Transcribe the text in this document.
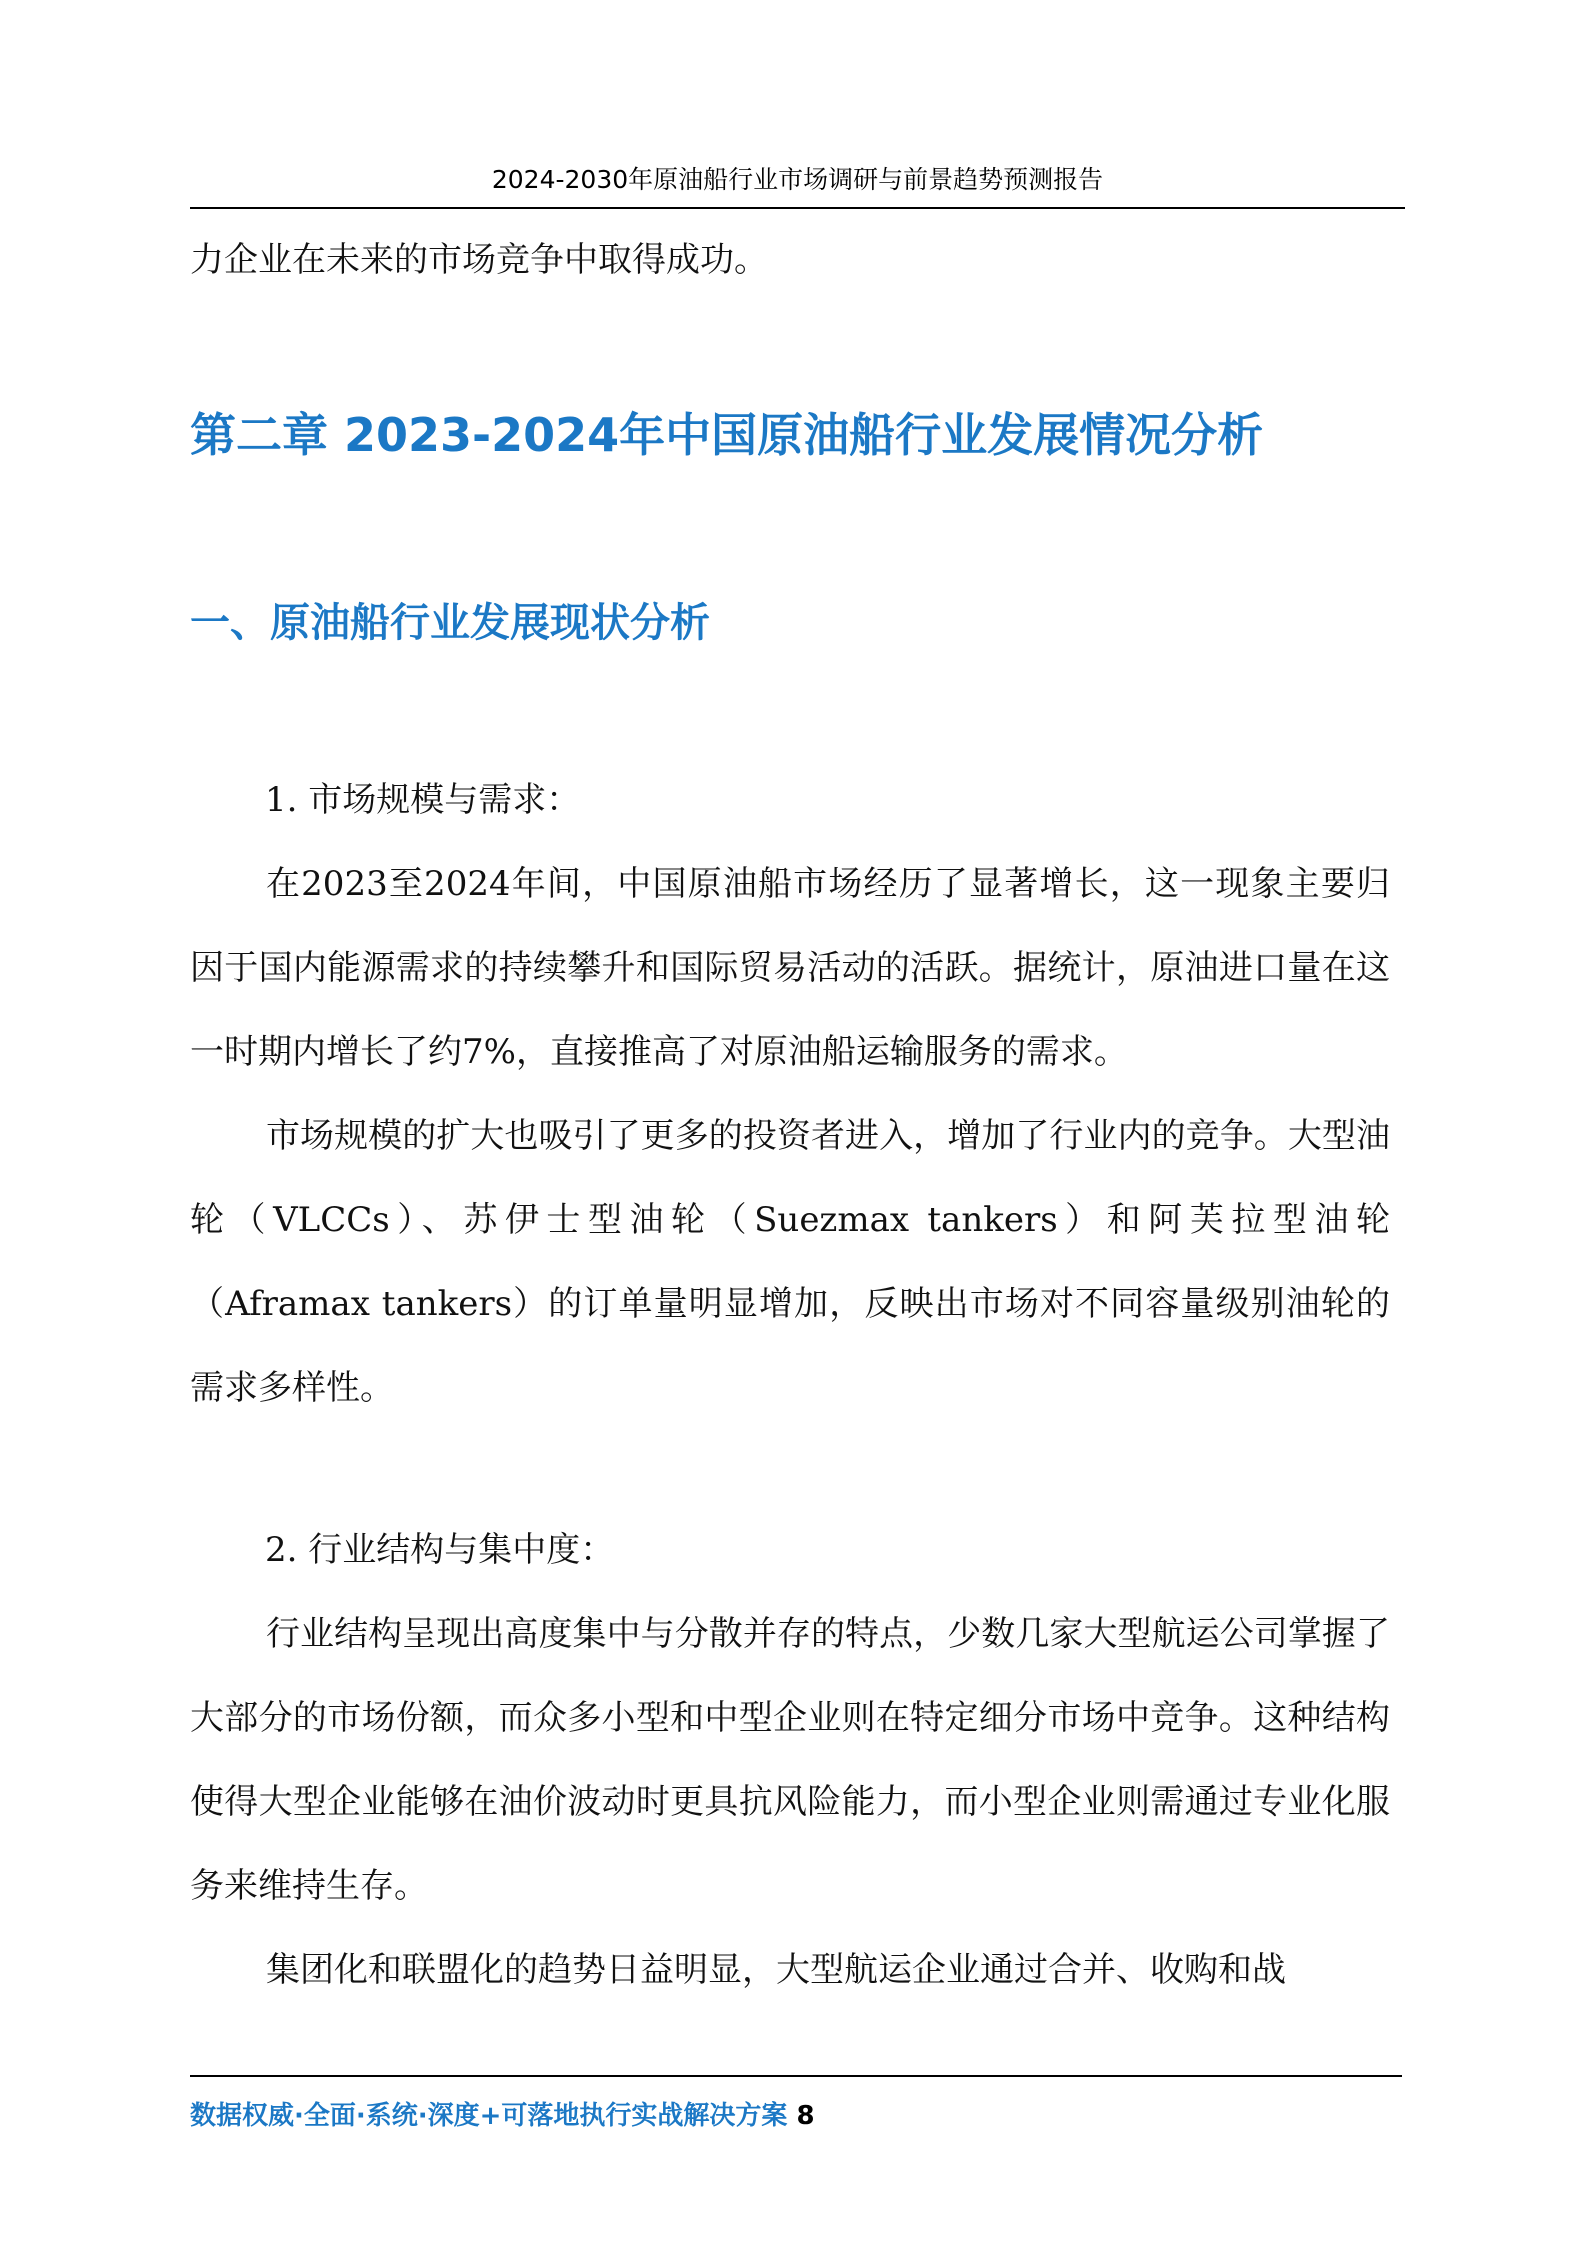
2024-2030年原油船行业市场调研与前景趋势预测报告
力企业在未来的市场竞争中取得成功。
第二章 2023-2024年中国原油船行业发展情况分析
一、原油船行业发展现状分析
1. 市场规模与需求：
在2023至2024年间，中国原油船市场经历了显著增长，这一现象主要归因于国内能源需求的持续攀升和国际贸易活动的活跃。据统计，原油进口量在这一时期内增长了约7%，直接推高了对原油船运输服务的需求。
市场规模的扩大也吸引了更多的投资者进入，增加了行业内的竞争。大型油轮（VLCCs）、苏伊士型油轮（Suezmax tankers）和阿芙拉型油轮（Aframax tankers）的订单量明显增加，反映出市场对不同容量级别油轮的需求多样性。
2. 行业结构与集中度：
行业结构呈现出高度集中与分散并存的特点，少数几家大型航运公司掌握了大部分的市场份额，而众多小型和中型企业则在特定细分市场中竞争。这种结构使得大型企业能够在油价波动时更具抗风险能力，而小型企业则需通过专业化服务来维持生存。
集团化和联盟化的趋势日益明显，大型航运企业通过合并、收购和战
数据权威·全面·系统·深度+可落地执行实战解决方案 8
